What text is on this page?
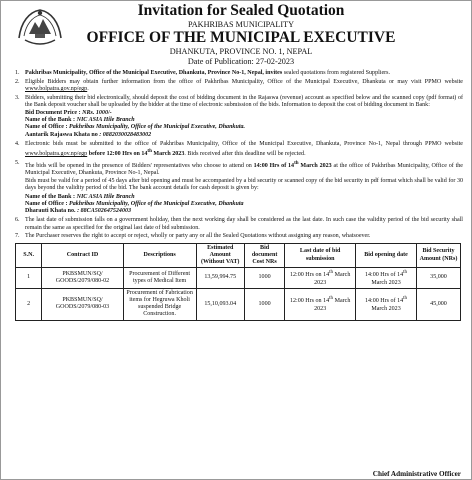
Invitation for Sealed Quotation
PAKHRIBAS MUNICIPALITY
OFFICE OF THE MUNICIPAL EXECUTIVE
DHANKUTA, PROVINCE NO. 1, NEPAL
Date of Publication: 27-02-2023
1. Pakhribas Municipality, Office of the Municipal Executive, Dhankuta, Province No-1, Nepal, invites sealed quotations from registered Suppliers.
2. Eligible Bidders may obtain further information from the office of Pakhribas Municipality, Office of the Municipal Executive, Dhankuta or may visit PPMO website www.bolpatra.gov.np/egp.
3. Bidders, submitting their bid electronically, should deposit the cost of bidding document in the Rajaswa (revenue) account as specified below and the scanned copy (pdf format) of the Bank deposit voucher shall be uploaded by the bidder at the time of electronic submission of the bids. Information to deposit the cost of bidding document in Bank:
Bid Document Price : NRs. 1000/-
Name of the Bank : NIC ASIA Hile Branch
Name of Office : Pakhribas Municipality, Office of the Municipal Executive, Dhankuta.
Aantarik Rajaswa Khata no : 0882030028483002
4. Electronic bids must be submitted to the office of Pakhribas Municipality, Office of the Municipal Executive, Dhankuta, Province No-1, Nepal through PPMO website www.bolpatra.gov.np/egp before 12:00 Hrs on 14th March 2023. Bids received after this deadline will be rejected.
5.
The bids will be opened in the presence of Bidders' representatives who choose to attend on 14:00 Hrs of 14th March 2023 at the office of Pakhribas Municipality, Office of the Municipal Executive, Dhankuta, Province No-1, Nepal.
Bids must be valid for a period of 45 days after bid opening and must be accompanied by a bid security or scanned copy of the bid security in pdf format which shall be valid for 30 days beyond the validity period of the bid. The bank account details for cash deposit is given by:
Name of the Bank : NIC ASIA Hile Branch
Name of Office : Pakhribas Municipality, Office of the Municipal Executive, Dhankuta
Dharauti Khata no. : 88CA50264752400З
6. The last date of submission falls on a government holiday, then the next working day shall be considered as the last date. In such case the validity period of the bid security shall remain the same as specified for the original last date of bid submission.
7. The Purchaser reserves the right to accept or reject, wholly or party any or all the Sealed Quotations without assigning any reason, whatsoever.
S.N.	Contract ID	Descriptions	Estimated Amount (Without VAT)	Bid document Cost NRs	Last date of bid submission	Bid opening date	Bid Security Amount (NRs)
1	PKBSMUN/SQ/ GOODS/2079/080-02	Procurement of Different types of Medical Item	13,59,994.75	1000	12:00 Hrs on 14th March 2023	14:00 Hrs of 14th March 2023	35,000
2	PKBSMUN/SQ/ GOODS/2079/080-03	Procurement of Fabrication items for Hegruwa Kholi suspended Bridge Construction.	15,10,093.04	1000	12:00 Hrs on 14th March 2023	14:00 Hrs of 14th March 2023	45,000
Chief Administrative Officer
